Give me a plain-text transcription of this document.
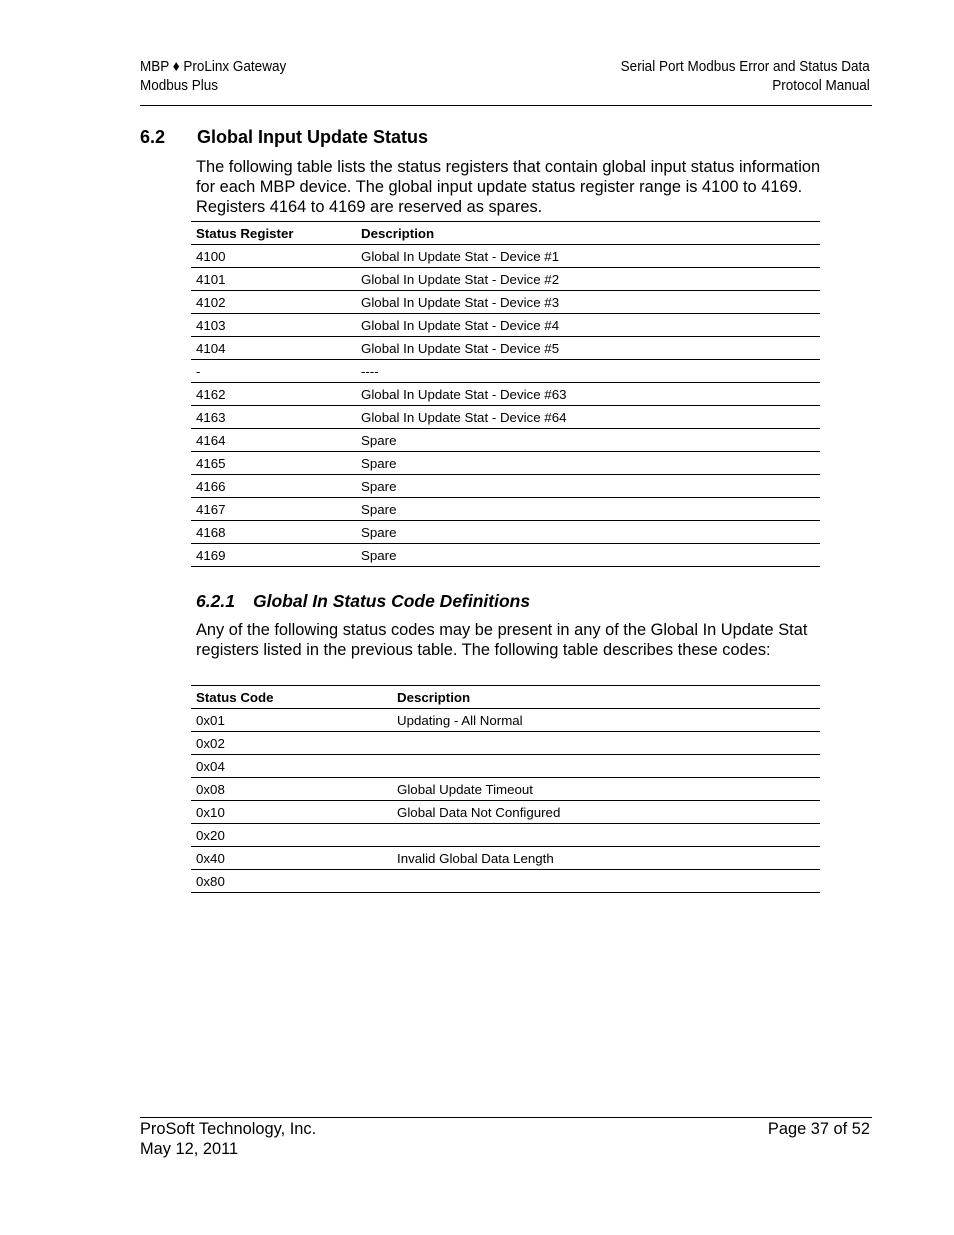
MBP ♦ ProLinx Gateway
Modbus Plus
Serial Port Modbus Error and Status Data
Protocol Manual
6.2 Global Input Update Status

The following table lists the status registers that contain global input status information for each MBP device. The global input update status register range is 4100 to 4169. Registers 4164 to 4169 are reserved as spares.

Status Register	Description
4100	Global In Update Stat - Device #1
4101	Global In Update Stat - Device #2
4102	Global In Update Stat - Device #3
4103	Global In Update Stat - Device #4
4104	Global In Update Stat - Device #5
-	----
4162	Global In Update Stat - Device #63
4163	Global In Update Stat - Device #64
4164	Spare
4165	Spare
4166	Spare
4167	Spare
4168	Spare
4169	Spare
6.2.1 Global In Status Code Definitions

Any of the following status codes may be present in any of the Global In Update Stat registers listed in the previous table. The following table describes these codes:

Status Code	Description
0x01	Updating - All Normal
0x02	
0x04	
0x08	Global Update Timeout
0x10	Global Data Not Configured
0x20	
0x40	Invalid Global Data Length
0x80	
ProSoft Technology, Inc.
May 12, 2011
Page 37 of 52
